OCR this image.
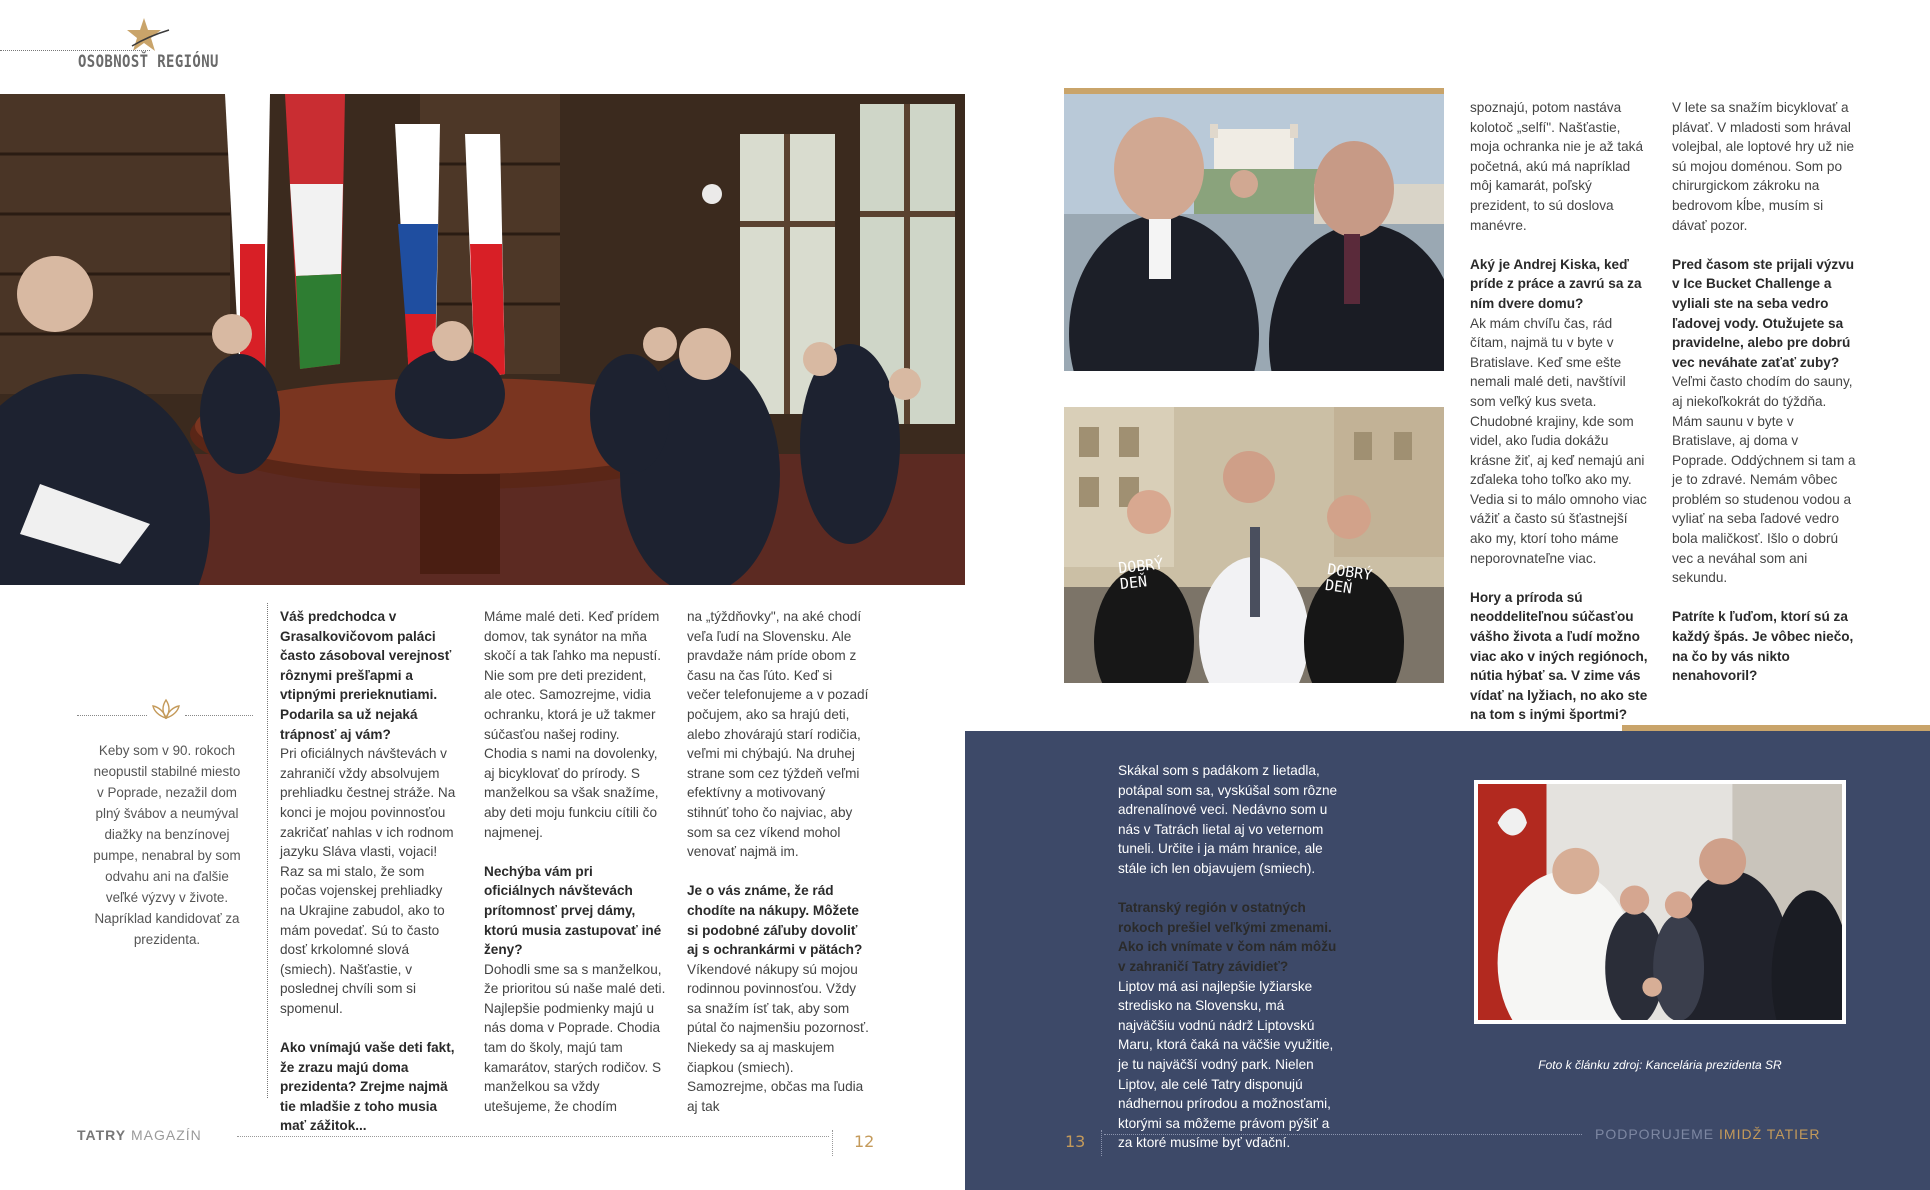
OSOBNOSŤ REGIÓNU
Keby som v 90. rokoch neopustil stabilné miesto v Poprade, nezažil dom plný švábov a neumýval diažky na benzínovej pumpe, nenabral by som odvahu ani na ďalšie veľké výzvy v živote. Napríklad kandidovať za prezidenta.

Váš predchodca v Grasalkovičovom paláci často zásoboval verejnosť rôznymi prešľapmi a vtipnými prerieknutiami. Podarila sa už nejaká trápnosť aj vám?
Pri oficiálnych návštevách v zahraničí vždy absolvujem prehliadku čestnej stráže. Na konci je mojou povinnosťou zakričať nahlas v ich rodnom jazyku Sláva vlasti, vojaci! Raz sa mi stalo, že som počas vojenskej prehliadky na Ukrajine zabudol, ako to mám povedať. Sú to často dosť krkolomné slová (smiech). Našťastie, v poslednej chvíli som si spomenul.

Ako vnímajú vaše deti fakt, že zrazu majú doma prezidenta? Zrejme najmä tie mladšie z toho musia mať zážitok...

Máme malé deti. Keď prídem domov, tak synátor na mňa skočí a tak ľahko ma nepustí. Nie som pre deti prezident, ale otec. Samozrejme, vidia ochranku, ktorá je už takmer súčasťou našej rodiny. Chodia s nami na dovolenky, aj bicyklovať do prírody. S manželkou sa však snažíme, aby deti moju funkciu cítili čo najmenej.

Nechýba vám pri oficiálnych návštevách prítomnosť prvej dámy, ktorú musia zastupovať iné ženy?
Dohodli sme sa s manželkou, že prioritou sú naše malé deti. Najlepšie podmienky majú u nás doma v Poprade. Chodia tam do školy, majú tam kamarátov, starých rodičov. S manželkou sa vždy utešujeme, že chodím

na „týždňovky", na aké chodí veľa ľudí na Slovensku. Ale pravdaže nám príde obom z času na čas ľúto. Keď si večer telefonujeme a v pozadí počujem, ako sa hrajú deti, alebo zhovárajú starí rodičia, veľmi mi chýbajú. Na druhej strane som cez týždeň veľmi efektívny a motivovaný stihnúť toho čo najviac, aby som sa cez víkend mohol venovať najmä im.

Je o vás známe, že rád chodíte na nákupy. Môžete si podobné záľuby dovoliť aj s ochrankármi v pätách?
Víkendové nákupy sú mojou rodinnou povinnosťou. Vždy sa snažím ísť tak, aby som pútal čo najmenšiu pozornosť. Niekedy sa aj maskujem čiapkou (smiech). Samozrejme, občas ma ľudia aj tak

TATRY MAGAZÍN	12
DOBRÝ DEŇ	DOBRÝ DEŇ

spoznajú, potom nastáva kolotoč „selfí". Našťastie, moja ochranka nie je až taká početná, akú má napríklad môj kamarát, poľský prezident, to sú doslova manévre.

Aký je Andrej Kiska, keď príde z práce a zavrú sa za ním dvere domu?
Ak mám chvíľu čas, rád čítam, najmä tu v byte v Bratislave. Keď sme ešte nemali malé deti, navštívil som veľký kus sveta. Chudobné krajiny, kde som videl, ako ľudia dokážu krásne žiť, aj keď nemajú ani zďaleka toho toľko ako my. Vedia si to málo omnoho viac vážiť a často sú šťastnejší ako my, ktorí toho máme neporovnateľne viac.

Hory a príroda sú neoddeliteľnou súčasťou vášho života a ľudí možno viac ako v iných regiónoch, nútia hýbať sa. V zime vás vídať na lyžiach, no ako ste na tom s inými športmi?

V lete sa snažím bicyklovať a plávať. V mladosti som hrával volejbal, ale loptové hry už nie sú mojou doménou. Som po chirurgickom zákroku na bedrovom kĺbe, musím si dávať pozor.

Pred časom ste prijali výzvu v Ice Bucket Challenge a vyliali ste na seba vedro ľadovej vody. Otužujete sa pravidelne, alebo pre dobrú vec neváhate zaťať zuby?
Veľmi často chodím do sauny, aj niekoľkokrát do týždňa. Mám saunu v byte v Bratislave, aj doma v Poprade. Oddýchnem si tam a je to zdravé. Nemám vôbec problém so studenou vodou a vyliať na seba ľadové vedro bola maličkosť. Išlo o dobrú vec a neváhal som ani sekundu.

Patríte k ľuďom, ktorí sú za každý špás. Je vôbec niečo, na čo by vás nikto nenahovoril?

Skákal som s padákom z lietadla, potápal som sa, vyskúšal som rôzne adrenalínové veci. Nedávno som u nás v Tatrách lietal aj vo veternom tuneli. Určite i ja mám hranice, ale stále ich len objavujem (smiech).

Tatranský región v ostatných rokoch prešiel veľkými zmenami. Ako ich vnímate v čom nám môžu v zahraničí Tatry závidieť?
Liptov má asi najlepšie lyžiarske stredisko na Slovensku, má najväčšiu vodnú nádrž Liptovskú Maru, ktorá čaká na väčšie využitie, je tu najväčší vodný park. Nielen Liptov, ale celé Tatry disponujú nádhernou prírodou a možnosťami, ktorými sa môžeme právom pýšiť a za ktoré musíme byť vďační.

Foto k článku zdroj: Kancelária prezidenta SR
13	PODPORUJEME IMIDŽ TATIER
